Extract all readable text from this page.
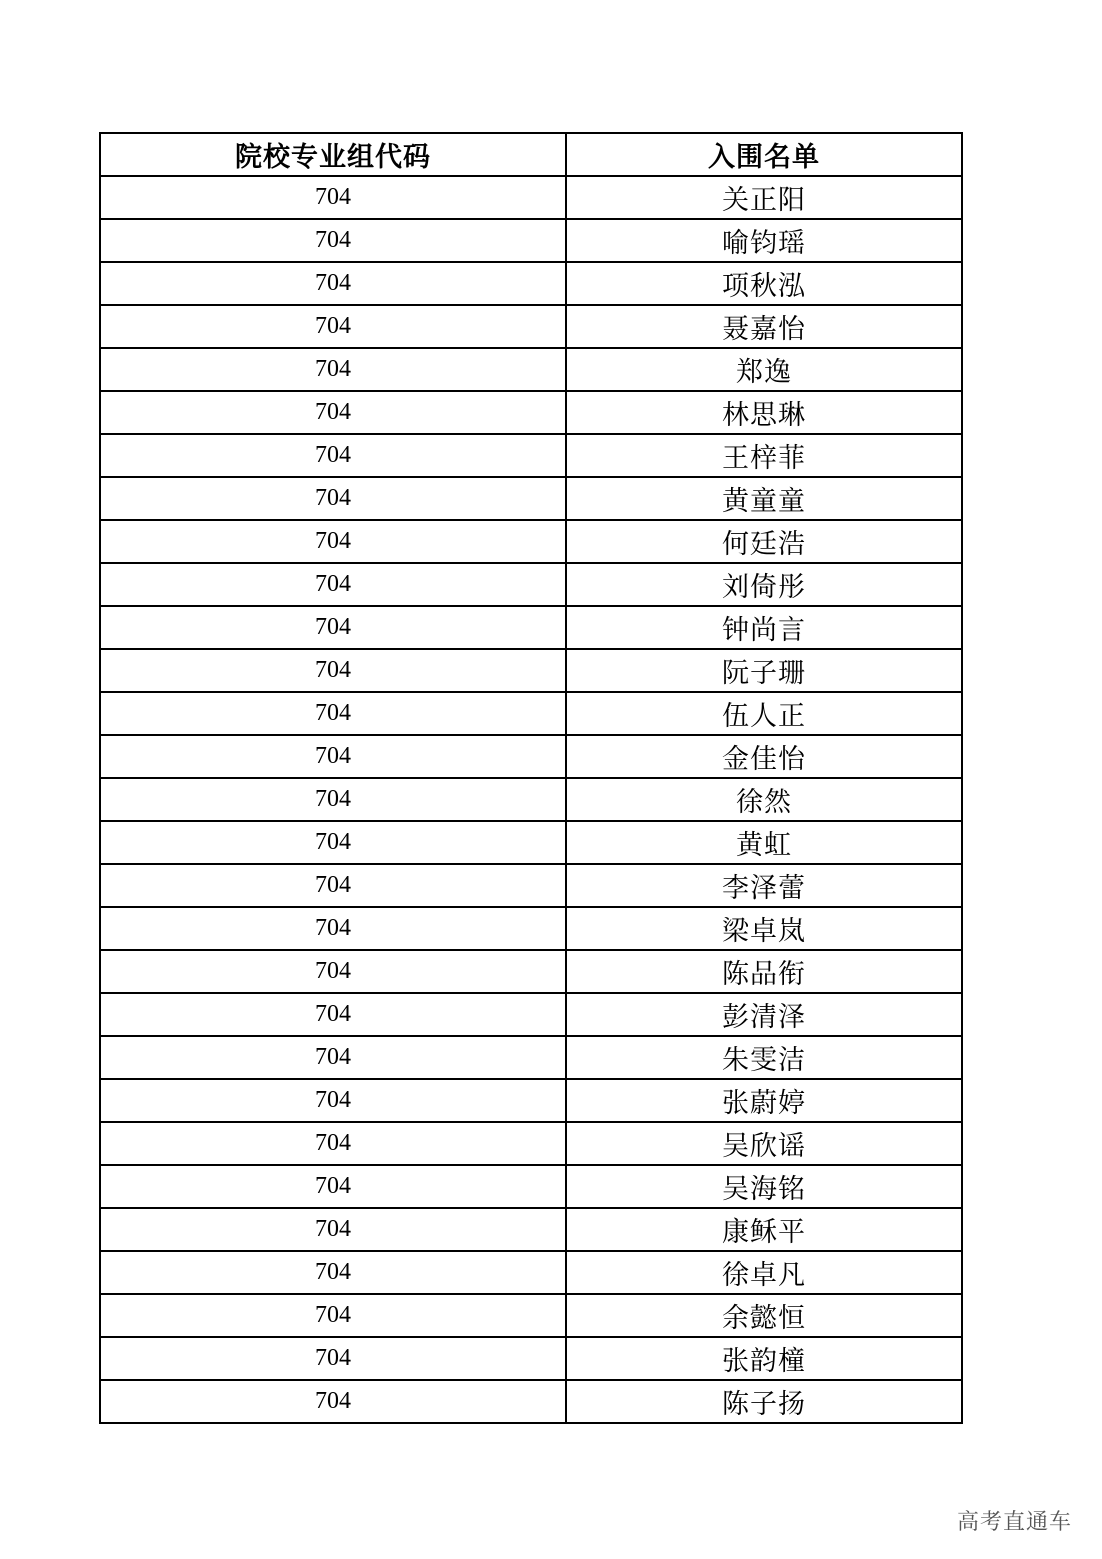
院校专业组代码	入围名单
704	关正阳
704	喻钧瑶
704	项秋泓
704	聂嘉怡
704	郑逸
704	林思琳
704	王梓菲
704	黄童童
704	何廷浩
704	刘倚彤
704	钟尚言
704	阮子珊
704	伍人正
704	金佳怡
704	徐然
704	黄虹
704	李泽蕾
704	梁卓岚
704	陈品衔
704	彭清泽
704	朱雯洁
704	张蔚婷
704	吴欣谣
704	吴海铭
704	康稣平
704	徐卓凡
704	余懿恒
704	张韵橦
704	陈子扬
高考直通车
